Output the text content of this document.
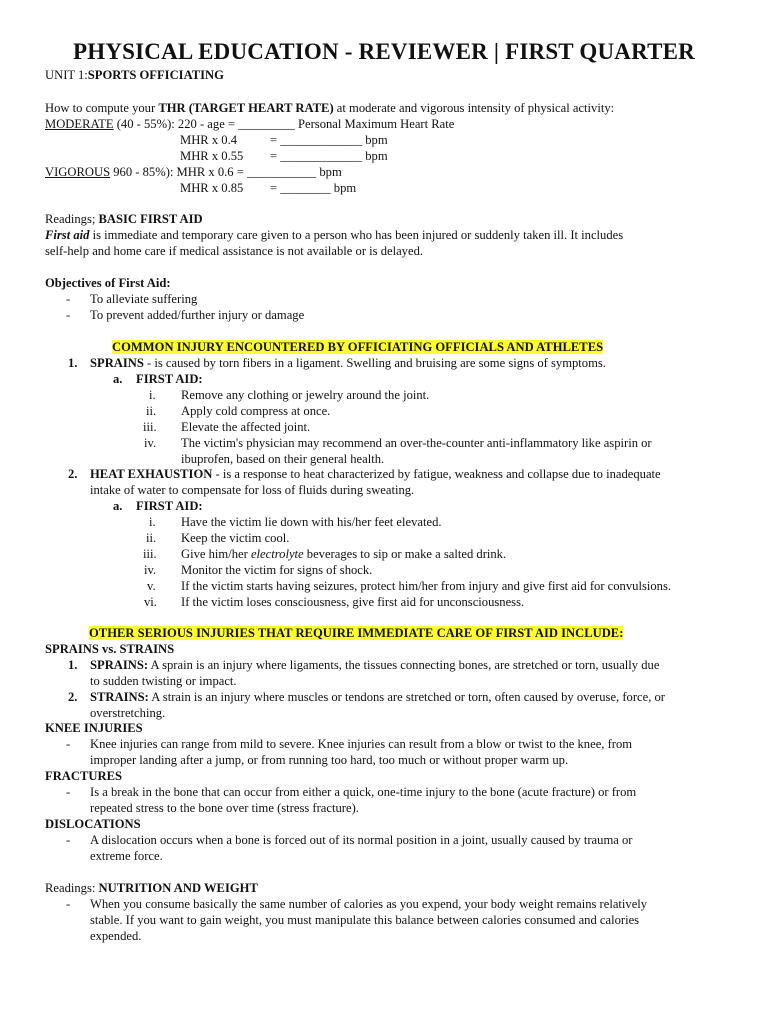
PHYSICAL EDUCATION - REVIEWER | FIRST QUARTER
UNIT 1:SPORTS OFFICIATING
How to compute your THR (TARGET HEART RATE) at moderate and vigorous intensity of physical activity:
MODERATE (40 - 55%): 220 - age = _________ Personal Maximum Heart Rate
MHR x 0.4	= _____________ bpm
MHR x 0.55 = _____________ bpm
VIGOROUS 960 - 85%): MHR x 0.6 = ___________ bpm
MHR x 0.85 = ________ bpm
Readings; BASIC FIRST AID
First aid is immediate and temporary care given to a person who has been injured or suddenly taken ill. It includes
self-help and home care if medical assistance is not available or is delayed.
Objectives of First Aid:
- To alleviate suffering
- To prevent added/further injury or damage
COMMON INJURY ENCOUNTERED BY OFFICIATING OFFICIALS AND ATHLETES
1. SPRAINS - is caused by torn fibers in a ligament. Swelling and bruising are some signs of symptoms.
a. FIRST AID:
i. Remove any clothing or jewelry around the joint.
ii. Apply cold compress at once.
iii. Elevate the affected joint.
iv. The victim's physician may recommend an over-the-counter anti-inflammatory like aspirin or
ibuprofen, based on their general health.
2. HEAT EXHAUSTION - is a response to heat characterized by fatigue, weakness and collapse due to inadequate
intake of water to compensate for loss of fluids during sweating.
a. FIRST AID:
i. Have the victim lie down with his/her feet elevated.
ii. Keep the victim cool.
iii. Give him/her electrolyte beverages to sip or make a salted drink.
iv. Monitor the victim for signs of shock.
v. If the victim starts having seizures, protect him/her from injury and give first aid for convulsions.
vi. If the victim loses consciousness, give first aid for unconsciousness.
OTHER SERIOUS INJURIES THAT REQUIRE IMMEDIATE CARE OF FIRST AID INCLUDE:
SPRAINS vs. STRAINS
1. SPRAINS: A sprain is an injury where ligaments, the tissues connecting bones, are stretched or torn, usually due
to sudden twisting or impact.
2. STRAINS: A strain is an injury where muscles or tendons are stretched or torn, often caused by overuse, force, or
overstretching.
KNEE INJURIES
- Knee injuries can range from mild to severe. Knee injuries can result from a blow or twist to the knee, from
improper landing after a jump, or from running too hard, too much or without proper warm up.
FRACTURES
- Is a break in the bone that can occur from either a quick, one-time injury to the bone (acute fracture) or from
repeated stress to the bone over time (stress fracture).
DISLOCATIONS
- A dislocation occurs when a bone is forced out of its normal position in a joint, usually caused by trauma or
extreme force.
Readings: NUTRITION AND WEIGHT
- When you consume basically the same number of calories as you expend, your body weight remains relatively
stable. If you want to gain weight, you must manipulate this balance between calories consumed and calories
expended.
